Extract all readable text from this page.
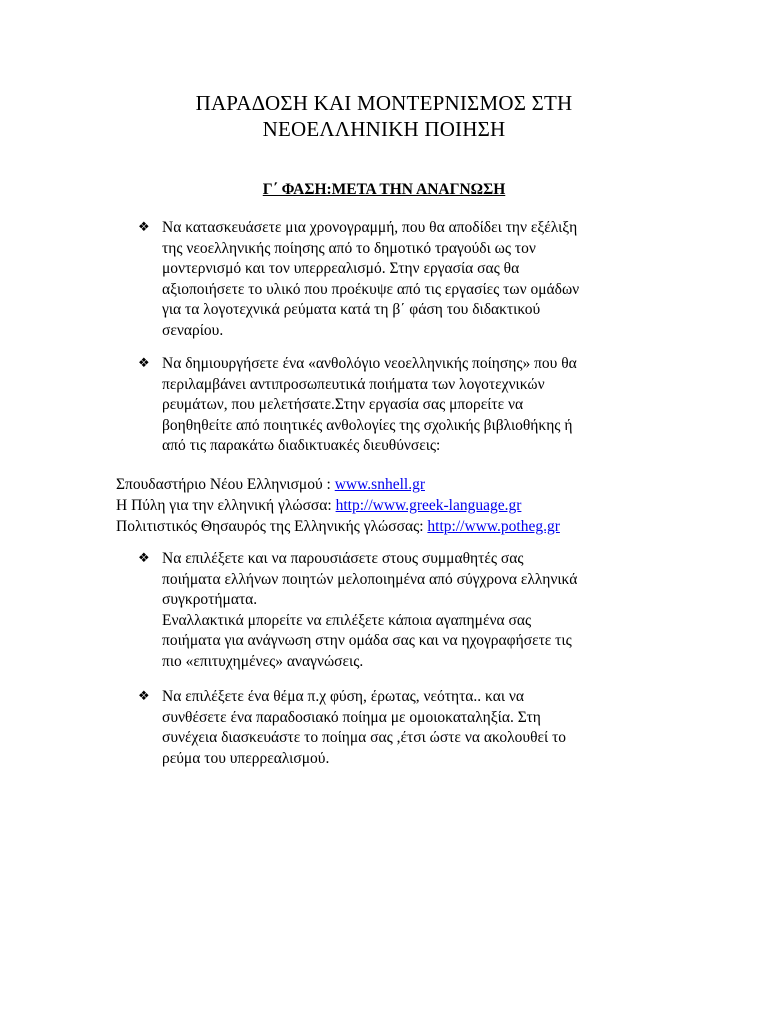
ΠΑΡΑΔΟΣΗ ΚΑΙ ΜΟΝΤΕΡΝΙΣΜΟΣ ΣΤΗ
ΝΕΟΕΛΛΗΝΙΚΗ ΠΟΙΗΣΗ
Γ΄ ΦΑΣΗ:ΜΕΤΑ ΤΗΝ ΑΝΑΓΝΩΣΗ
❖ Να κατασκευάσετε μια χρονογραμμή, που θα αποδίδει την εξέλιξη
της νεοελληνικής ποίησης από το δημοτικό τραγούδι ως τον
μοντερνισμό και τον υπερρεαλισμό. Στην εργασία σας θα
αξιοποιήσετε το υλικό που προέκυψε από τις εργασίες των ομάδων
για τα λογοτεχνικά ρεύματα κατά τη β΄ φάση του διδακτικού
σεναρίου.
❖ Να δημιουργήσετε ένα «ανθολόγιο νεοελληνικής ποίησης» που θα
περιλαμβάνει αντιπροσωπευτικά ποιήματα των λογοτεχνικών
ρευμάτων, που μελετήσατε.Στην εργασία σας μπορείτε να
βοηθηθείτε από ποιητικές ανθολογίες της σχολικής βιβλιοθήκης ή
από τις παρακάτω διαδικτυακές διευθύνσεις:
Σπουδαστήριο Νέου Ελληνισμού : www.snhell.gr
Η Πύλη για την ελληνική γλώσσα: http://www.greek-language.gr
Πολιτιστικός Θησαυρός της Ελληνικής γλώσσας: http://www.potheg.gr
❖ Να επιλέξετε και να παρουσιάσετε στους συμμαθητές σας
ποιήματα ελλήνων ποιητών μελοποιημένα από σύγχρονα ελληνικά
συγκροτήματα.
Εναλλακτικά μπορείτε να επιλέξετε κάποια αγαπημένα σας
ποιήματα για ανάγνωση στην ομάδα σας και να ηχογραφήσετε τις
πιο «επιτυχημένες» αναγνώσεις.
❖ Να επιλέξετε ένα θέμα π.χ φύση, έρωτας, νεότητα.. και να
συνθέσετε ένα παραδοσιακό ποίημα με ομοιοκαταληξία. Στη
συνέχεια διασκευάστε το ποίημα σας ,έτσι ώστε να ακολουθεί το
ρεύμα του υπερρεαλισμού.
